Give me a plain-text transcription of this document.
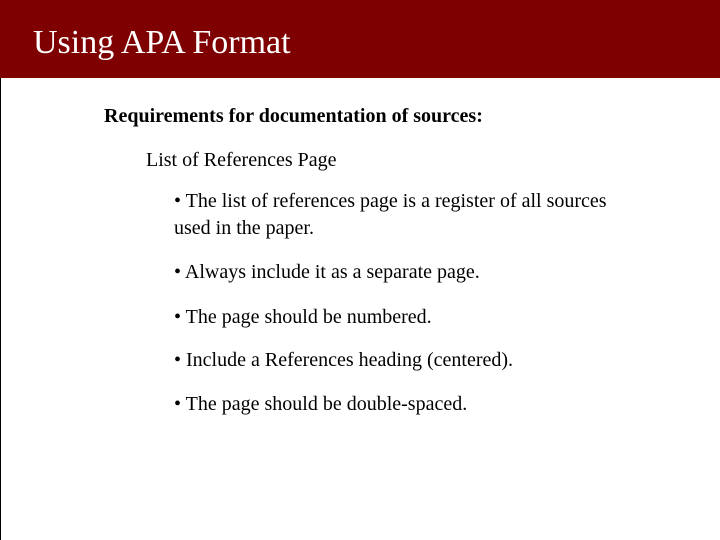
Using APA Format

Requirements for documentation of sources:

List of References Page

• The list of references page is a register of all sources used in the paper.

• Always include it as a separate page.

• The page should be numbered.

• Include a References heading (centered).

• The page should be double-spaced.
